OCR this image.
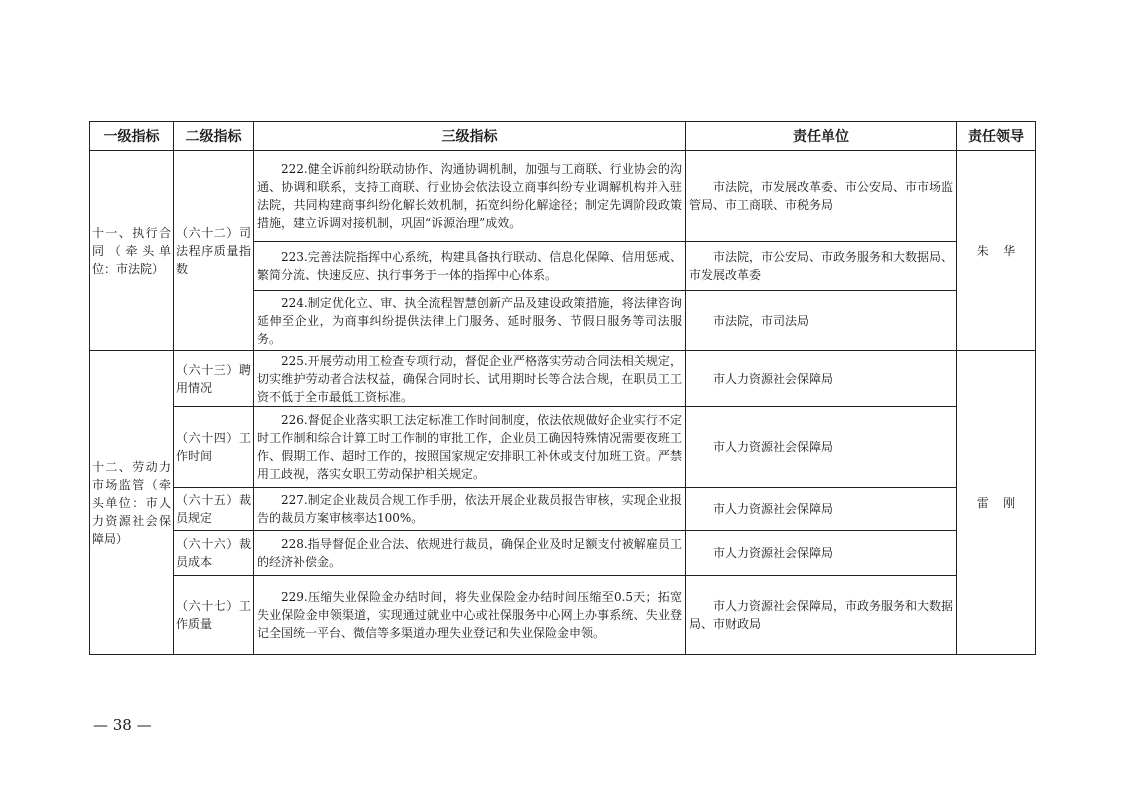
一级指标	二级指标	三级指标	责任单位	责任领导
十一、执行合同（牵头单位：市法院）	（六十二）司法程序质量指数	222.健全诉前纠纷联动协作、沟通协调机制，加强与工商联、行业协会的沟通、协调和联系，支持工商联、行业协会依法设立商事纠纷专业调解机构并入驻法院，共同构建商事纠纷化解长效机制，拓宽纠纷化解途径；制定先调阶段政策措施，建立诉调对接机制，巩固“诉源治理”成效。	市法院，市发展改革委、市公安局、市市场监管局、市工商联、市税务局	朱华
		223.完善法院指挥中心系统，构建具备执行联动、信息化保障、信用惩戒、繁简分流、快速反应、执行事务于一体的指挥中心体系。	市法院，市公安局、市政务服务和大数据局、市发展改革委	
		224.制定优化立、审、执全流程智慧创新产品及建设政策措施，将法律咨询延伸至企业，为商事纠纷提供法律上门服务、延时服务、节假日服务等司法服务。	市法院，市司法局	
十二、劳动力市场监管（牵头单位：市人力资源社会保障局）	（六十三）聘用情况	225.开展劳动用工检查专项行动，督促企业严格落实劳动合同法相关规定，切实维护劳动者合法权益，确保合同时长、试用期时长等合法合规，在职员工工资不低于全市最低工资标准。	市人力资源社会保障局	雷刚
	（六十四）工作时间	226.督促企业落实职工法定标准工作时间制度，依法依规做好企业实行不定时工作制和综合计算工时工作制的审批工作，企业员工确因特殊情况需要夜班工作、假期工作、超时工作的，按照国家规定安排职工补休或支付加班工资。严禁用工歧视，落实女职工劳动保护相关规定。	市人力资源社会保障局	
	（六十五）裁员规定	227.制定企业裁员合规工作手册，依法开展企业裁员报告审核，实现企业报告的裁员方案审核率达100%。	市人力资源社会保障局	
	（六十六）裁员成本	228.指导督促企业合法、依规进行裁员，确保企业及时足额支付被解雇员工的经济补偿金。	市人力资源社会保障局	
	（六十七）工作质量	229.压缩失业保险金办结时间，将失业保险金办结时间压缩至0.5天；拓宽失业保险金申领渠道，实现通过就业中心或社保服务中心网上办事系统、失业登记全国统一平台、微信等多渠道办理失业登记和失业保险金申领。	市人力资源社会保障局，市政务服务和大数据局、市财政局	
— 38 —
